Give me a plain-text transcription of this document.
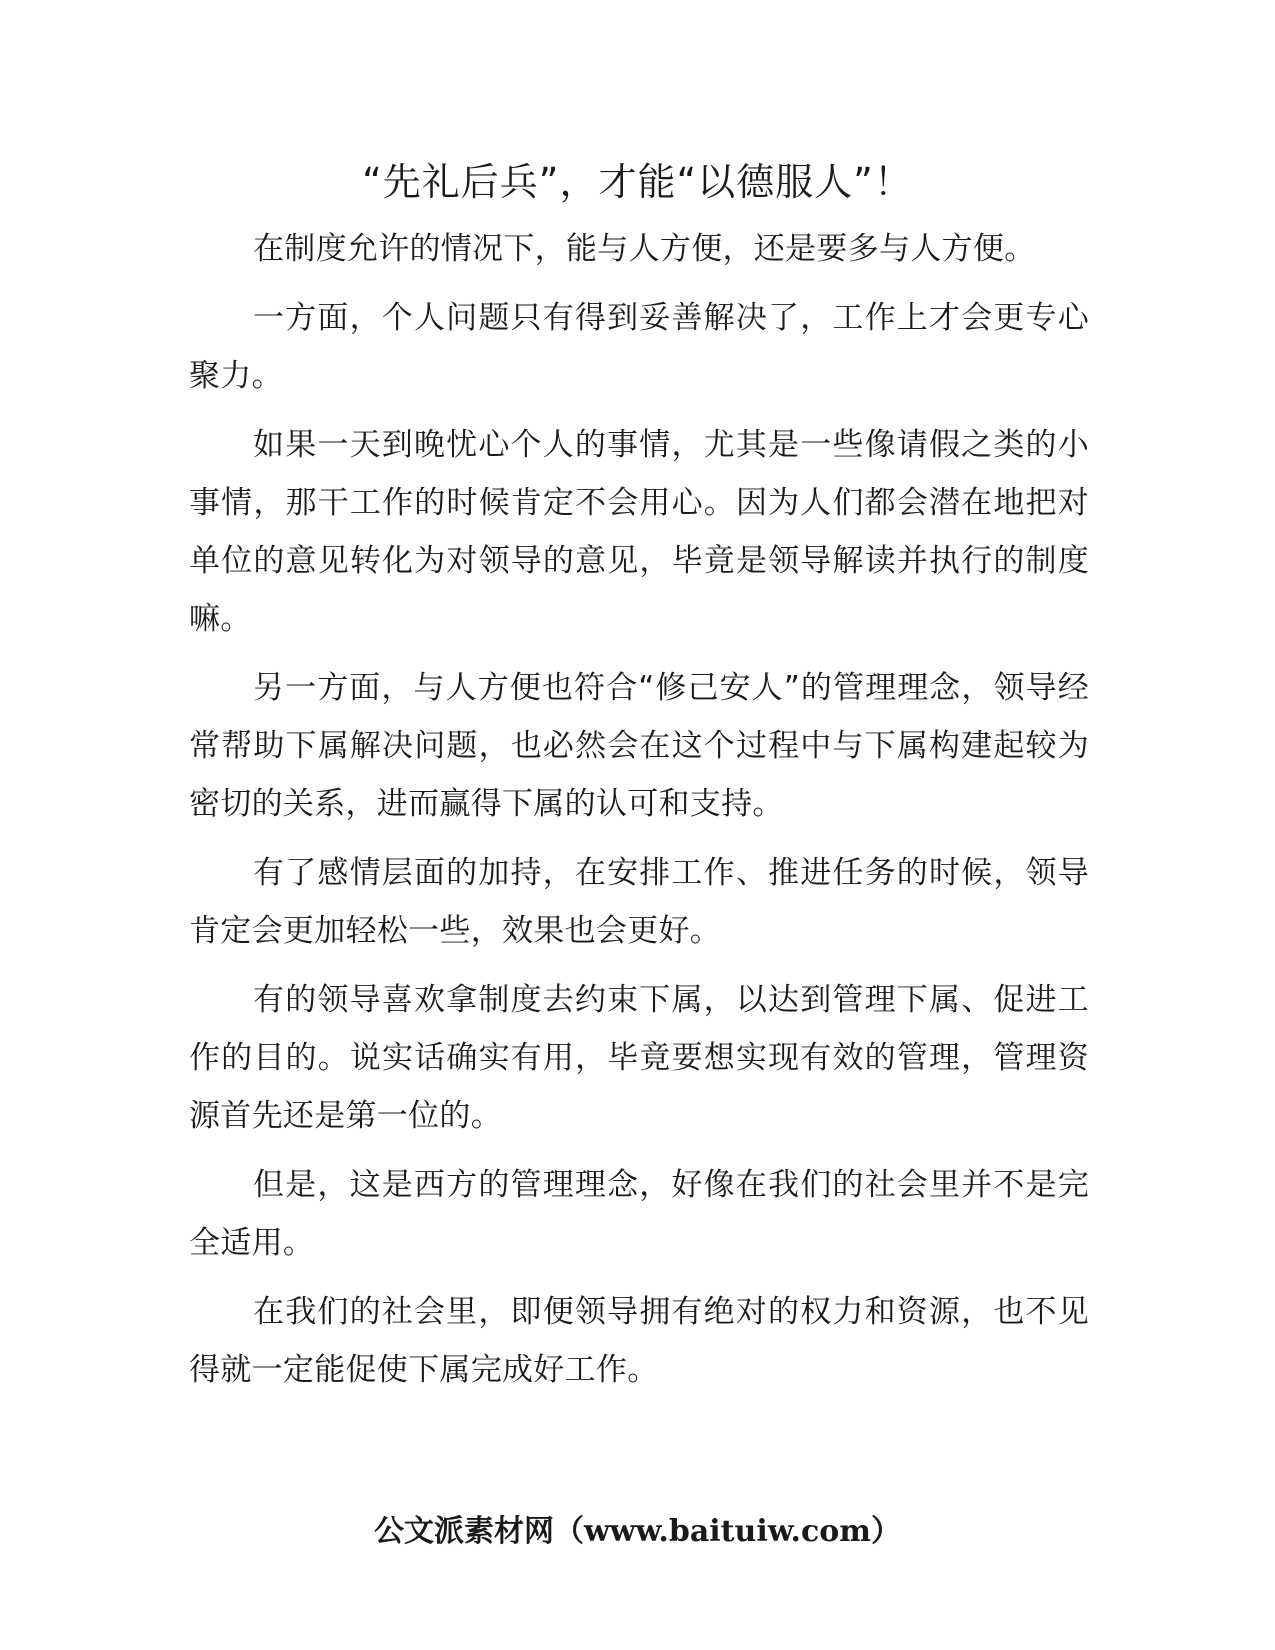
“先礼后兵”，才能“以德服人”！

在制度允许的情况下，能与人方便，还是要多与人方便。

一方面，个人问题只有得到妥善解决了，工作上才会更专心聚力。

如果一天到晚忧心个人的事情，尤其是一些像请假之类的小事情，那干工作的时候肯定不会用心。因为人们都会潜在地把对单位的意见转化为对领导的意见，毕竟是领导解读并执行的制度嘛。

另一方面，与人方便也符合“修己安人”的管理理念，领导经常帮助下属解决问题，也必然会在这个过程中与下属构建起较为密切的关系，进而赢得下属的认可和支持。

有了感情层面的加持，在安排工作、推进任务的时候，领导肯定会更加轻松一些，效果也会更好。

有的领导喜欢拿制度去约束下属，以达到管理下属、促进工作的目的。说实话确实有用，毕竟要想实现有效的管理，管理资源首先还是第一位的。

但是，这是西方的管理理念，好像在我们的社会里并不是完全适用。

在我们的社会里，即便领导拥有绝对的权力和资源，也不见得就一定能促使下属完成好工作。

公文派素材网（www.baituiw.com）
